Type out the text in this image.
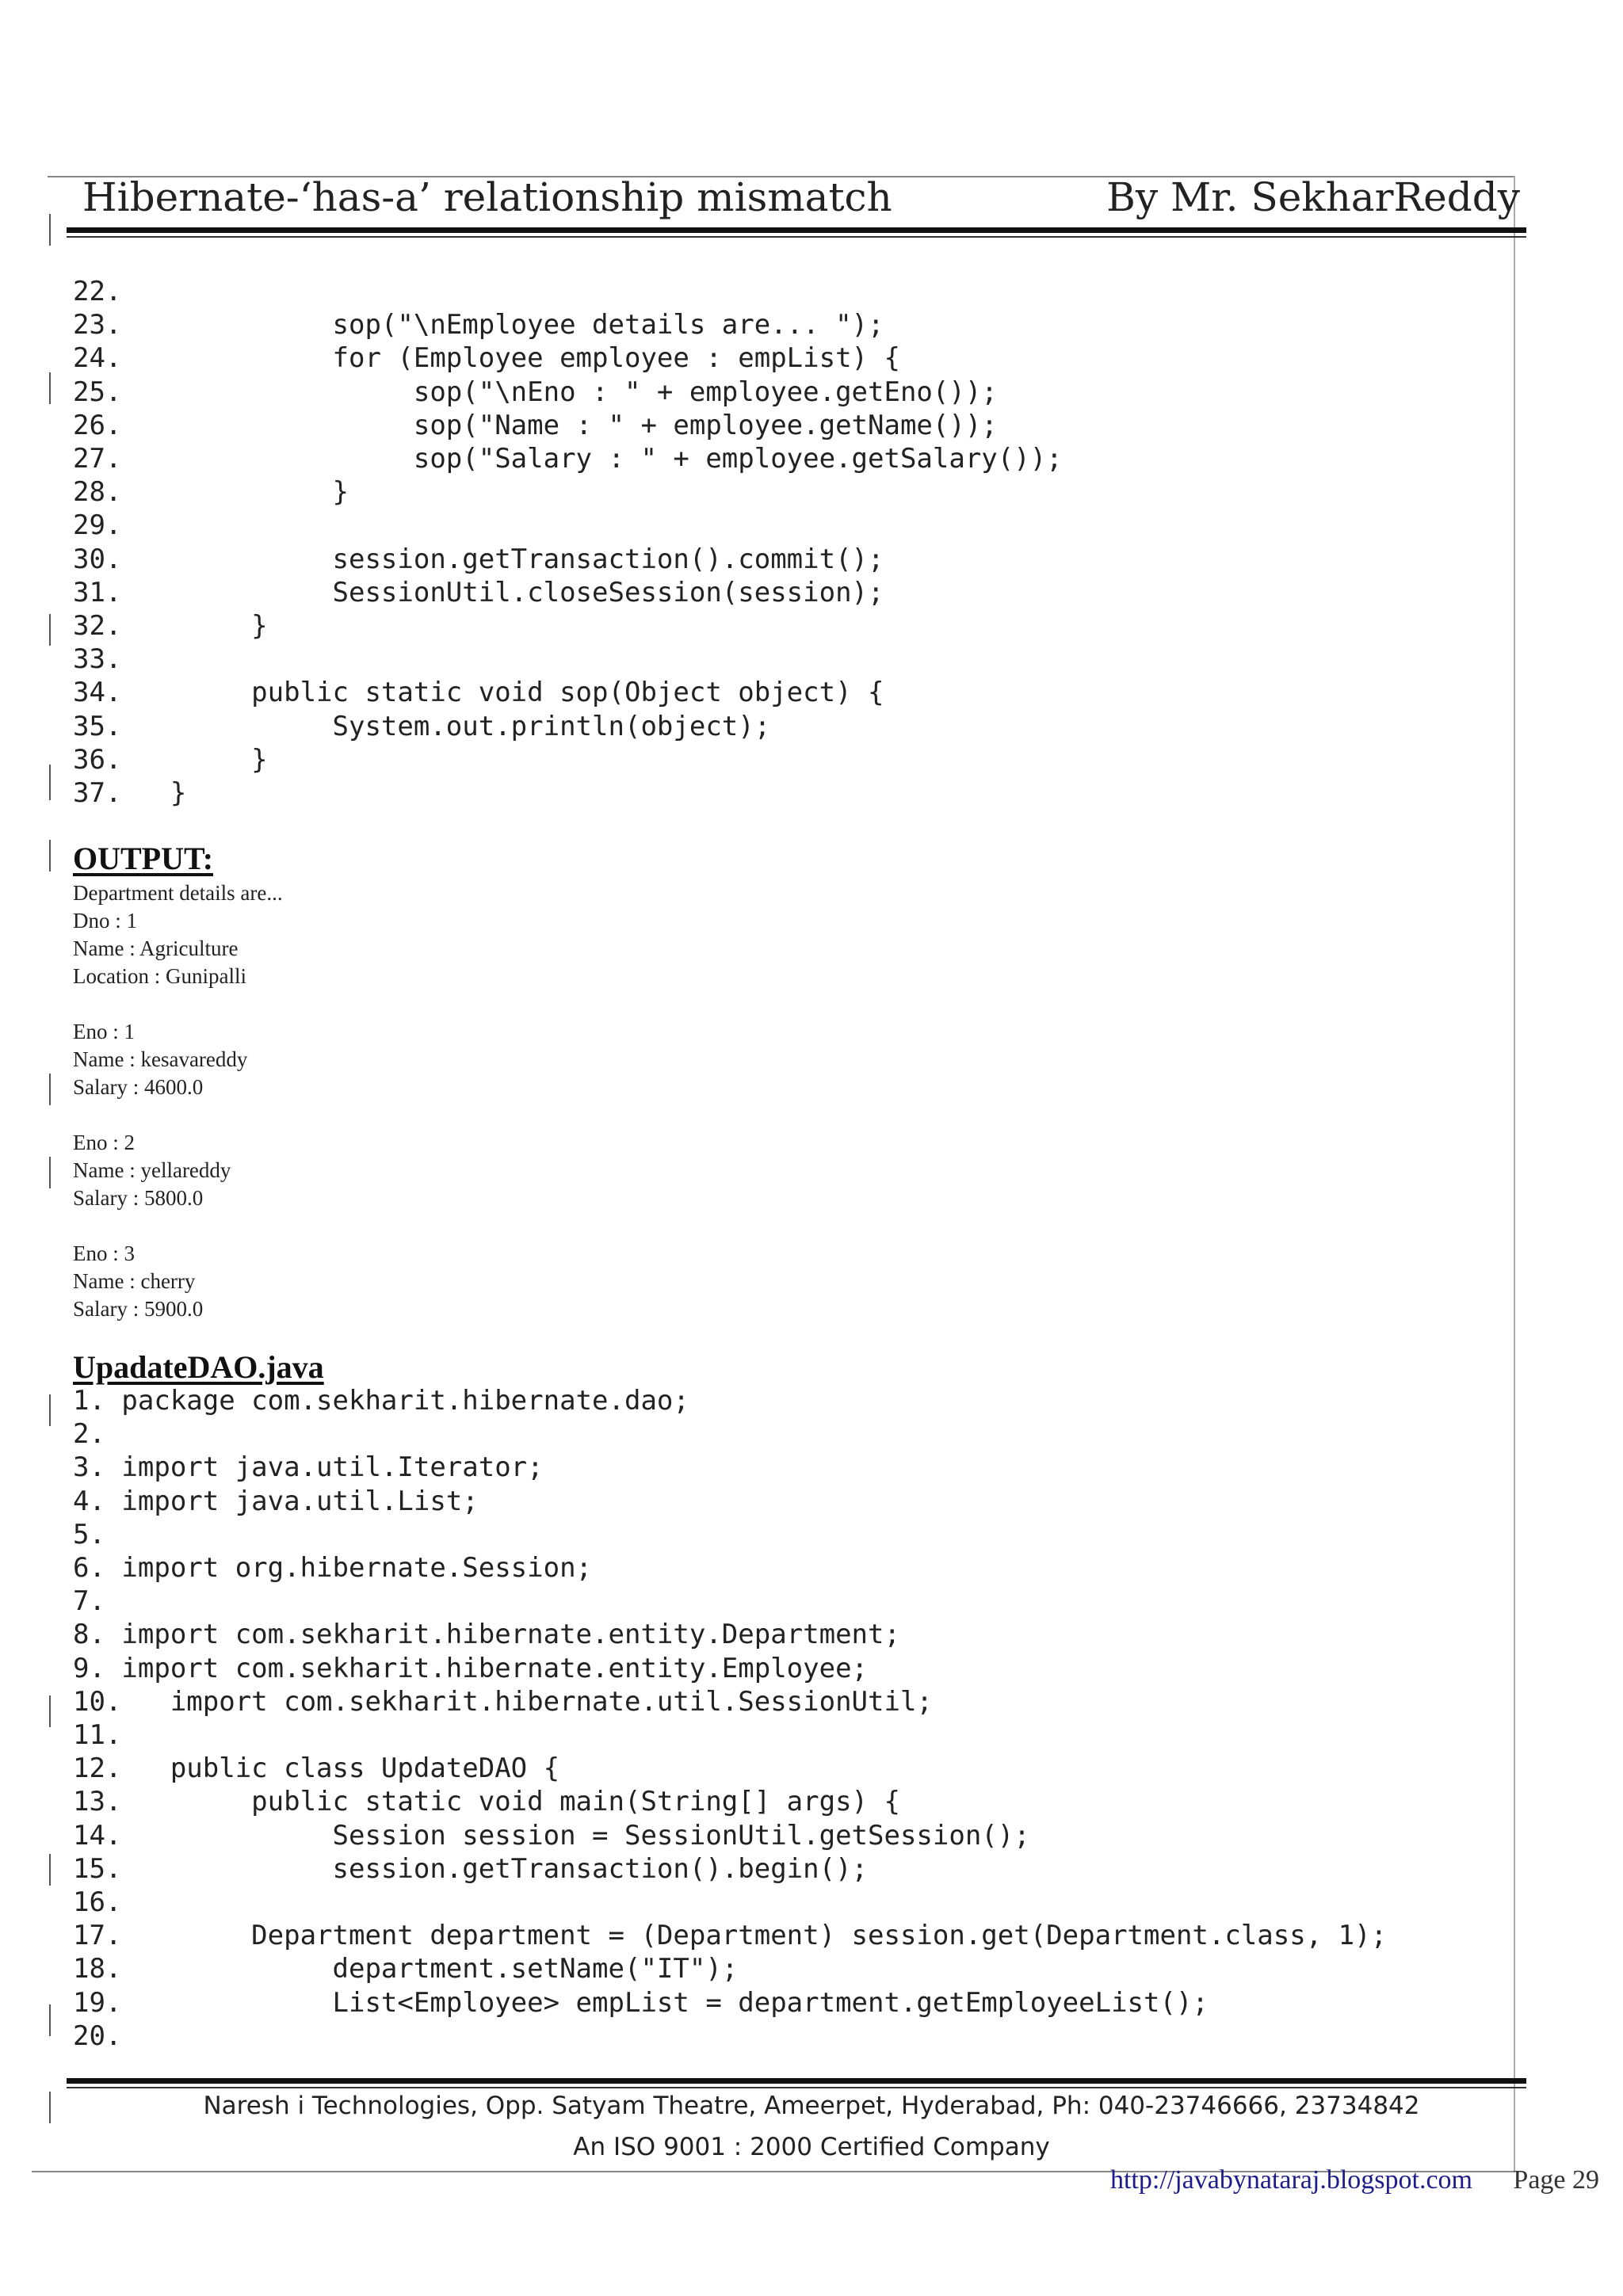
Hibernate-‘has-a’ relationship mismatch	By Mr. SekharReddy
22.
23.             sop("\nEmployee details are... ");
24.             for (Employee employee : empList) {
25.                  sop("\nEno : " + employee.getEno());
26.                  sop("Name : " + employee.getName());
27.                  sop("Salary : " + employee.getSalary());
28.             }
29.
30.             session.getTransaction().commit();
31.             SessionUtil.closeSession(session);
32.        }
33.
34.        public static void sop(Object object) {
35.             System.out.println(object);
36.        }
37.   }
OUTPUT:
Department details are...
Dno : 1
Name : Agriculture
Location : Gunipalli
Eno : 1
Name : kesavareddy
Salary : 4600.0
Eno : 2
Name : yellareddy
Salary : 5800.0
Eno : 3
Name : cherry
Salary : 5900.0
UpadateDAO.java
1. package com.sekharit.hibernate.dao;
2.
3. import java.util.Iterator;
4. import java.util.List;
5.
6. import org.hibernate.Session;
7.
8. import com.sekharit.hibernate.entity.Department;
9. import com.sekharit.hibernate.entity.Employee;
10.   import com.sekharit.hibernate.util.SessionUtil;
11.
12.   public class UpdateDAO {
13.        public static void main(String[] args) {
14.             Session session = SessionUtil.getSession();
15.             session.getTransaction().begin();
16.
17.        Department department = (Department) session.get(Department.class, 1);
18.             department.setName("IT");
19.             List<Employee> empList = department.getEmployeeList();
20.
Naresh i Technologies, Opp. Satyam Theatre, Ameerpet, Hyderabad, Ph: 040-23746666, 23734842
An ISO 9001 : 2000 Certified Company
http://javabynataraj.blogspot.com Page 29
